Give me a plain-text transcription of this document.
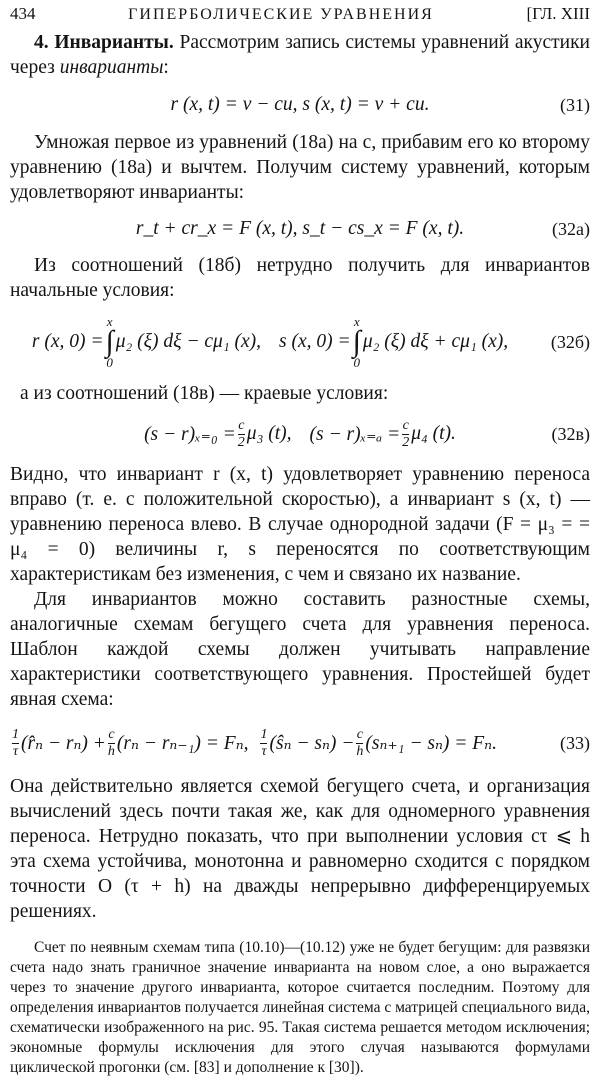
434	ГИПЕРБОЛИЧЕСКИЕ УРАВНЕНИЯ	[ГЛ. XIII

4. Инварианты. Рассмотрим запись системы уравнений акустики через инварианты:

r (x, t) = v − cu, s (x, t) = v + cu.	(31)

Умножая первое из уравнений (18а) на c, прибавим его ко второму уравнению (18а) и вычтем. Получим систему уравнений, которым удовлетворяют инварианты:

r_t + cr_x = F (x, t), s_t − cs_x = F (x, t).	(32а)

Из соотношений (18б) нетрудно получить для инвариантов начальные условия:

r (x, 0) =
x
∫
0
μ₂ (ξ) dξ − cμ₁ (x), s (x, 0) =
x
∫
0
μ₂ (ξ) dξ + cμ₁ (x), (32б)

а из соотношений (18в) — краевые условия:

$(s - r)_{x=0} = \frac{c}{2} \mu_3$ (t), $(s - r)_{x=a} = \frac{c}{2} \mu_4$ (t).	(32в)

Видно, что инвариант r (x, t) удовлетворяет уравнению переноса вправо (т. е. с положительной скоростью), а инвариант s (x, t) — уравнению переноса влево. В случае однородной задачи (F = μ₃ = = μ₄ = 0) величины r, s переносятся по соответствующим характеристикам без изменения, с чем и связано их название.

Для инвариантов можно составить разностные схемы, аналогичные схемам бегущего счета для уравнения переноса. Шаблон каждой схемы должен учитывать направление характеристики соответствующего уравнения. Простейшей будет явная схема:

$\frac{1}{\tau}$ (r̂ₙ − $r_n) + \frac{c}{h} (r_n - r_{n-1}) = F_n$, $\frac{1}{\tau}$ (ŝₙ − $s_n) - \frac{c}{h} (s_{n+1} - s_n) = F_n$.	(33)

Она действительно является схемой бегущего счета, и организация вычислений здесь почти такая же, как для одномерного уравнения переноса. Нетрудно показать, что при выполнении условия cτ ⩽ h эта схема устойчива, монотонна и равномерно сходится с порядком точности O (τ + h) на дважды непрерывно дифференцируемых решениях.

Счет по неявным схемам типа (10.10)—(10.12) уже не будет бегущим: для развязки счета надо знать граничное значение инварианта на новом слое, а оно выражается через то значение другого инварианта, которое считается последним. Поэтому для определения инвариантов получается линейная система с матрицей специального вида, схематически изображенного на рис. 95. Такая система решается методом исключения; экономные формулы исключения для этого случая называются формулами циклической прогонки (см. [83] и дополнение к [30]).
